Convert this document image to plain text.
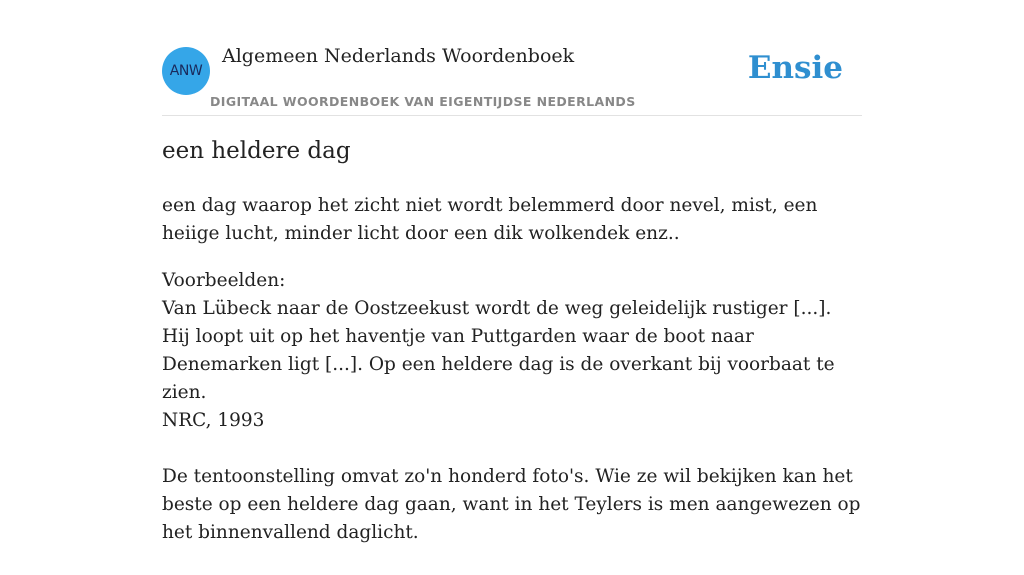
ANW
Algemeen Nederlands Woordenboek
DIGITAAL WOORDENBOEK VAN EIGENTIJDSE NEDERLANDS
Ensie
een heldere dag

een dag waarop het zicht niet wordt belemmerd door nevel, mist, een heiige lucht, minder licht door een dik wolkendek enz..

Voorbeelden:

Van Lübeck naar de Oostzeekust wordt de weg geleidelijk rustiger [...]. Hij loopt uit op het haventje van Puttgarden waar de boot naar Denemarken ligt [...]. Op een heldere dag is de overkant bij voorbaat te zien.

NRC, 1993

De tentoonstelling omvat zo'n honderd foto's. Wie ze wil bekijken kan het beste op een heldere dag gaan, want in het Teylers is men aangewezen op het binnenvallend daglicht.
